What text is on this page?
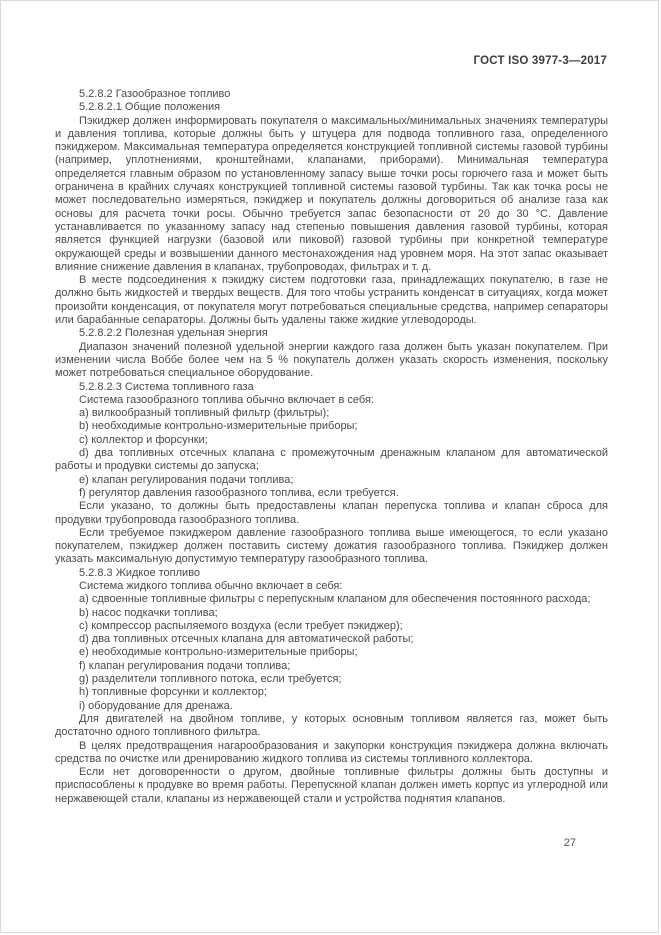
ГОСТ ISO 3977-3—2017

5.2.8.2 Газообразное топливо

5.2.8.2.1 Общие положения

Пэкиджер должен информировать покупателя о максимальных/минимальных значениях температуры и давления топлива, которые должны быть у штуцера для подвода топливного газа, определенного пэкиджером. Максимальная температура определяется конструкцией топливной системы газовой турбины (например, уплотнениями, кронштейнами, клапанами, приборами). Минимальная температура определяется главным образом по установленному запасу выше точки росы горючего газа и может быть ограничена в крайних случаях конструкцией топливной системы газовой турбины. Так как точка росы не может последовательно измеряться, пэкиджер и покупатель должны договориться об анализе газа как основы для расчета точки росы. Обычно требуется запас безопасности от 20 до 30 °С. Давление устанавливается по указанному запасу над степенью повышения давления газовой турбины, которая является функцией нагрузки (базовой или пиковой) газовой турбины при конкретной температуре окружающей среды и возвышении данного местонахождения над уровнем моря. На этот запас оказывает влияние снижение давления в клапанах, трубопроводах, фильтрах и т. д.

В месте подсоединения к пэкиджу систем подготовки газа, принадлежащих покупателю, в газе не должно быть жидкостей и твердых веществ. Для того чтобы устранить конденсат в ситуациях, когда может произойти конденсация, от покупателя могут потребоваться специальные средства, например сепараторы или барабанные сепараторы. Должны быть удалены также жидкие углеводороды.

5.2.8.2.2 Полезная удельная энергия

Диапазон значений полезной удельной энергии каждого газа должен быть указан покупателем. При изменении числа Воббе более чем на 5 % покупатель должен указать скорость изменения, поскольку может потребоваться специальное оборудование.

5.2.8.2.3 Система топливного газа

Система газообразного топлива обычно включает в себя:

a) вилкообразный топливный фильтр (фильтры);

b) необходимые контрольно-измерительные приборы;

c) коллектор и форсунки;

d) два топливных отсечных клапана с промежуточным дренажным клапаном для автоматической работы и продувки системы до запуска;

e) клапан регулирования подачи топлива;

f) регулятор давления газообразного топлива, если требуется.

Если указано, то должны быть предоставлены клапан перепуска топлива и клапан сброса для продувки трубопровода газообразного топлива.

Если требуемое пэкиджером давление газообразного топлива выше имеющегося, то если указано покупателем, пэкиджер должен поставить систему дожатия газообразного топлива. Пэкиджер должен указать максимальную допустимую температуру газообразного топлива.

5.2.8.3 Жидкое топливо

Система жидкого топлива обычно включает в себя:

a) сдвоенные топливные фильтры с перепускным клапаном для обеспечения постоянного расхода;

b) насос подкачки топлива;

c) компрессор распыляемого воздуха (если требует пэкиджер);

d) два топливных отсечных клапана для автоматической работы;

e) необходимые контрольно-измерительные приборы;

f) клапан регулирования подачи топлива;

g) разделители топливного потока, если требуется;

h) топливные форсунки и коллектор;

i) оборудование для дренажа.

Для двигателей на двойном топливе, у которых основным топливом является газ, может быть достаточно одного топливного фильтра.

В целях предотвращения нагарообразования и закупорки конструкция пэкиджера должна включать средства по очистке или дренированию жидкого топлива из системы топливного коллектора.

Если нет договоренности о другом, двойные топливные фильтры должны быть доступны и приспособлены к продувке во время работы. Перепускной клапан должен иметь корпус из углеродной или нержавеющей стали, клапаны из нержавеющей стали и устройства поднятия клапанов.

27
